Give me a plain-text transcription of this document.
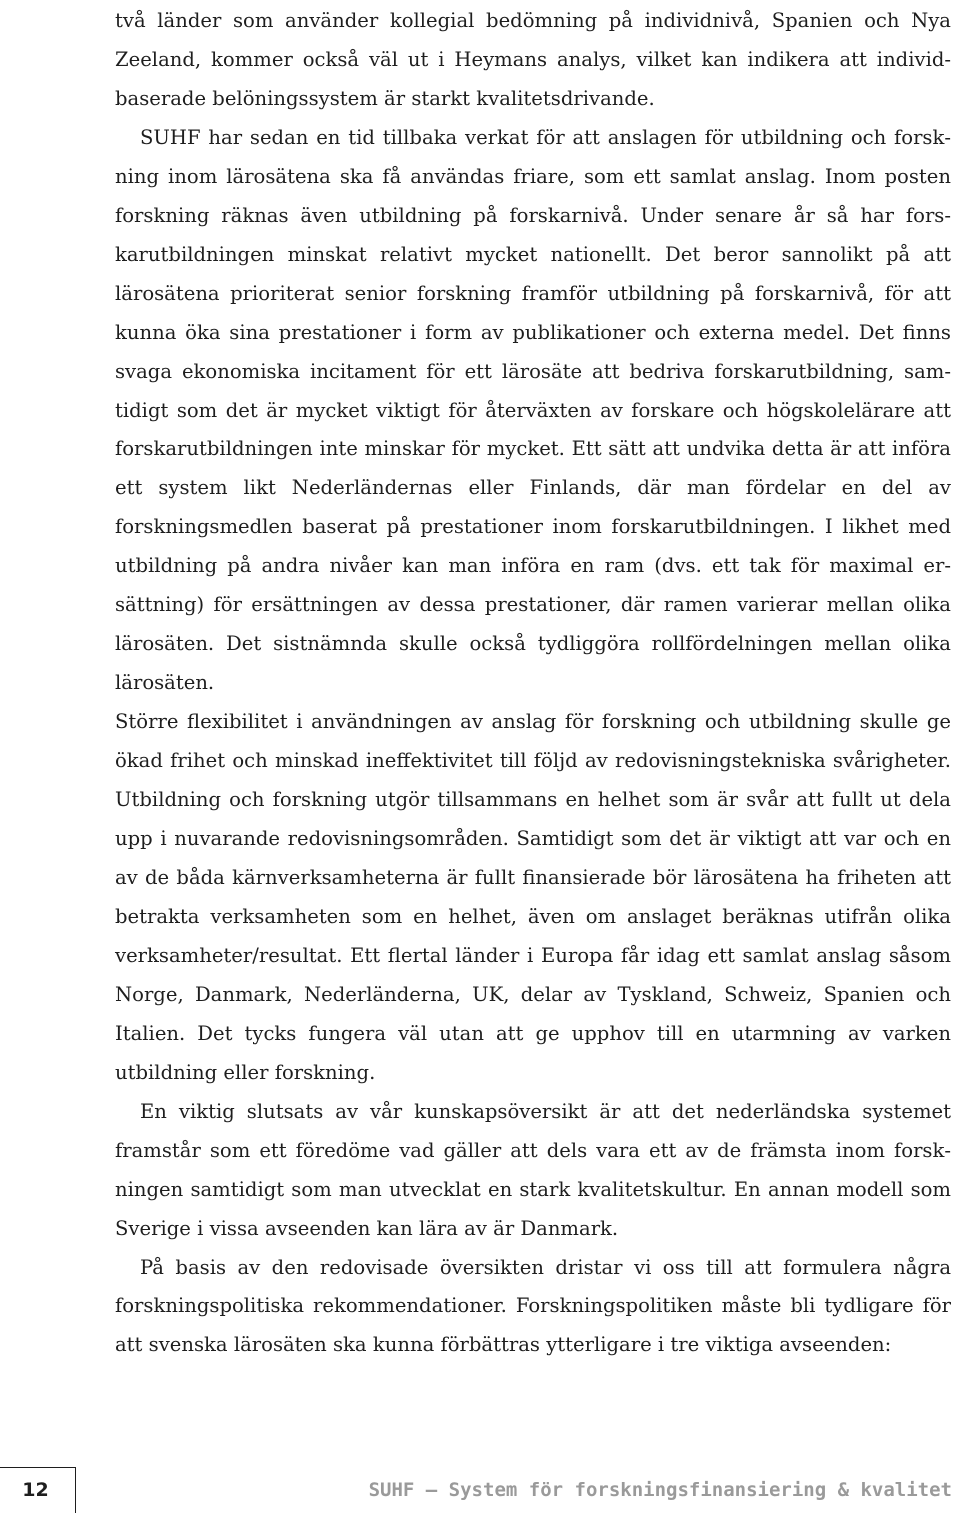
två länder som använder kollegial bedömning på individnivå, Spanien och Nya Zeeland, kommer också väl ut i Heymans analys, vilket kan indikera att individbaserade belöningssystem är starkt kvalitetsdrivande.

SUHF har sedan en tid tillbaka verkat för att anslagen för utbildning och forskning inom lärosätena ska få användas friare, som ett samlat anslag. Inom posten forskning räknas även utbildning på forskarnivå. Under senare år så har forskarutbildningen minskat relativt mycket nationellt. Det beror sannolikt på att lärosätena prioriterat senior forskning framför utbildning på forskarnivå, för att kunna öka sina prestationer i form av publikationer och externa medel. Det finns svaga ekonomiska incitament för ett lärosäte att bedriva forskarutbildning, samtidigt som det är mycket viktigt för återväxten av forskare och högskolelärare att forskarutbildningen inte minskar för mycket. Ett sätt att undvika detta är att införa ett system likt Nederländernas eller Finlands, där man fördelar en del av forskningsmedlen baserat på prestationer inom forskarutbildningen. I likhet med utbildning på andra nivåer kan man införa en ram (dvs. ett tak för maximal ersättning) för ersättningen av dessa prestationer, där ramen varierar mellan olika lärosäten. Det sistnämnda skulle också tydliggöra rollfördelningen mellan olika lärosäten.

Större flexibilitet i användningen av anslag för forskning och utbildning skulle ge ökad frihet och minskad ineffektivitet till följd av redovisningstekniska svårigheter. Utbildning och forskning utgör tillsammans en helhet som är svår att fullt ut dela upp i nuvarande redovisningsområden. Samtidigt som det är viktigt att var och en av de båda kärnverksamheterna är fullt finansierade bör lärosätena ha friheten att betrakta verksamheten som en helhet, även om anslaget beräknas utifrån olika verksamheter/resultat. Ett flertal länder i Europa får idag ett samlat anslag såsom Norge, Danmark, Nederländerna, UK, delar av Tyskland, Schweiz, Spanien och Italien. Det tycks fungera väl utan att ge upphov till en utarmning av varken utbildning eller forskning.

En viktig slutsats av vår kunskapsöversikt är att det nederländska systemet framstår som ett föredöme vad gäller att dels vara ett av de främsta inom forskningen samtidigt som man utvecklat en stark kvalitetskultur. En annan modell som Sverige i vissa avseenden kan lära av är Danmark.

På basis av den redovisade översikten dristar vi oss till att formulera några forskningspolitiska rekommendationer. Forskningspolitiken måste bli tydligare för att svenska lärosäten ska kunna förbättras ytterligare i tre viktiga avseenden:

12	SUHF – System för forskningsfinansiering & kvalitet
